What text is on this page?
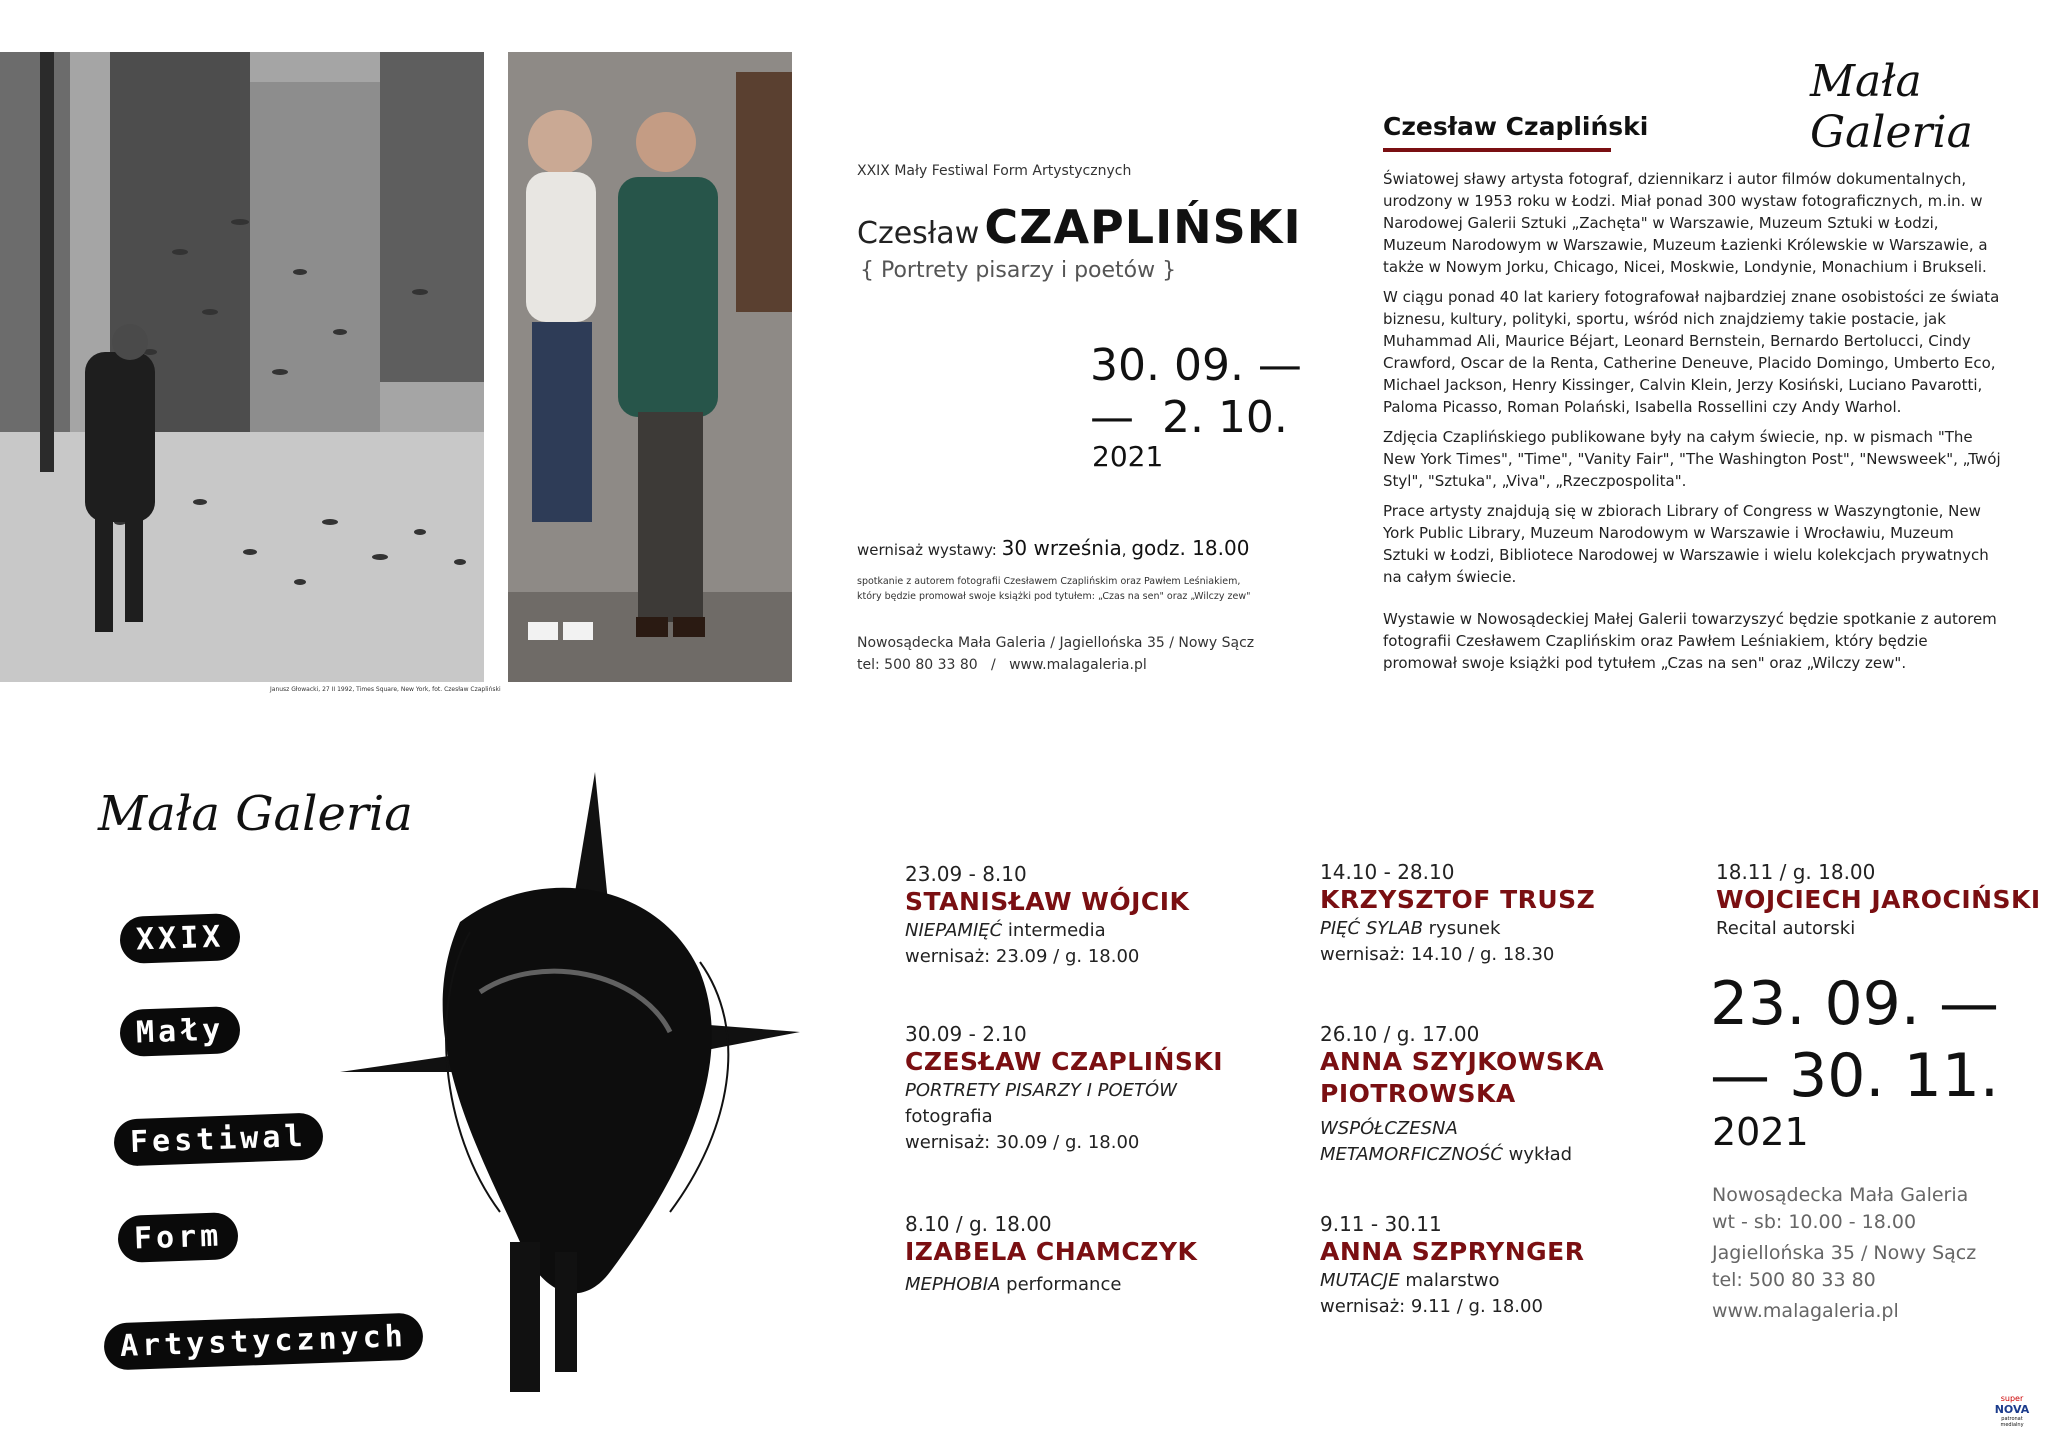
Janusz Głowacki, 27 II 1992, Times Square, New York, fot. Czesław Czapliński
XXIX Mały Festiwal Form Artystycznych
Czesław CZAPLIŃSKI
{ Portrety pisarzy i poetów }
30. 09. —
—  2. 10.
2021
wernisaż wystawy: 30 września, godz. 18.00
spotkanie z autorem fotografii Czesławem Czaplińskim oraz Pawłem Leśniakiem,
który będzie promował swoje książki pod tytułem: „Czas na sen" oraz „Wilczy zew"
Nowosądecka Mała Galeria / Jagiellońska 35 / Nowy Sącz
tel: 500 80 33 80   /   www.malagaleria.pl
Mała Galeria
Czesław Czapliński

Światowej sławy artysta fotograf, dziennikarz i autor filmów dokumentalnych, urodzony w 1953 roku w Łodzi. Miał ponad 300 wystaw fotograficznych, m.in. w Narodowej Galerii Sztuki „Zachęta" w Warszawie, Muzeum Sztuki w Łodzi, Muzeum Narodowym w Warszawie, Muzeum Łazienki Królewskie w Warszawie, a także w Nowym Jorku, Chicago, Nicei, Moskwie, Londynie, Monachium i Brukseli.

W ciągu ponad 40 lat kariery fotografował najbardziej znane osobistości ze świata biznesu, kultury, polityki, sportu, wśród nich znajdziemy takie postacie, jak Muhammad Ali, Maurice Béjart, Leonard Bernstein, Bernardo Bertolucci, Cindy Crawford, Oscar de la Renta, Catherine Deneuve, Placido Domingo, Umberto Eco, Michael Jackson, Henry Kissinger, Calvin Klein, Jerzy Kosiński, Luciano Pavarotti, Paloma Picasso, Roman Polański, Isabella Rossellini czy Andy Warhol.

Zdjęcia Czaplińskiego publikowane były na całym świecie, np. w pismach "The New York Times", "Time", "Vanity Fair", "The Washington Post", "Newsweek", „Twój Styl", "Sztuka", „Viva", „Rzeczpospolita".

Prace artysty znajdują się w zbiorach Library of Congress w Waszyngtonie, New York Public Library, Muzeum Narodowym w Warszawie i Wrocławiu, Muzeum Sztuki w Łodzi, Bibliotece Narodowej w Warszawie i wielu kolekcjach prywatnych na całym świecie.

Wystawie w Nowosądeckiej Małej Galerii towarzyszyć będzie spotkanie z autorem fotografii Czesławem Czaplińskim oraz Pawłem Leśniakiem, który będzie promował swoje książki pod tytułem „Czas na sen" oraz „Wilczy zew".

Mała Galeria
XXIX
Mały
Festiwal
Form
Artystycznych
23.09 - 8.10
STANISŁAW WÓJCIK
NIEPAMIĘĆ intermedia
wernisaż: 23.09 / g. 18.00
30.09 - 2.10
CZESŁAW CZAPLIŃSKI
PORTRETY PISARZY I POETÓW
fotografia
wernisaż: 30.09 / g. 18.00
8.10 / g. 18.00
IZABELA CHAMCZYK
MEPHOBIA performance
14.10 - 28.10
KRZYSZTOF TRUSZ
PIĘĆ SYLAB rysunek
wernisaż: 14.10 / g. 18.30
26.10 / g. 17.00
ANNA SZYJKOWSKA
PIOTROWSKA
WSPÓŁCZESNA
METAMORFICZNOŚĆ wykład
9.11 - 30.11
ANNA SZPRYNGER
MUTACJE malarstwo
wernisaż: 9.11 / g. 18.00
18.11 / g. 18.00
WOJCIECH JAROCIŃSKI
Recital autorski
23. 09. —
— 30. 11.
2021
Nowosądecka Mała Galeria
wt - sb: 10.00 - 18.00
Jagiellońska 35 / Nowy Sącz
tel: 500 80 33 80
www.malagaleria.pl
super
NOVA
patronat medialny
